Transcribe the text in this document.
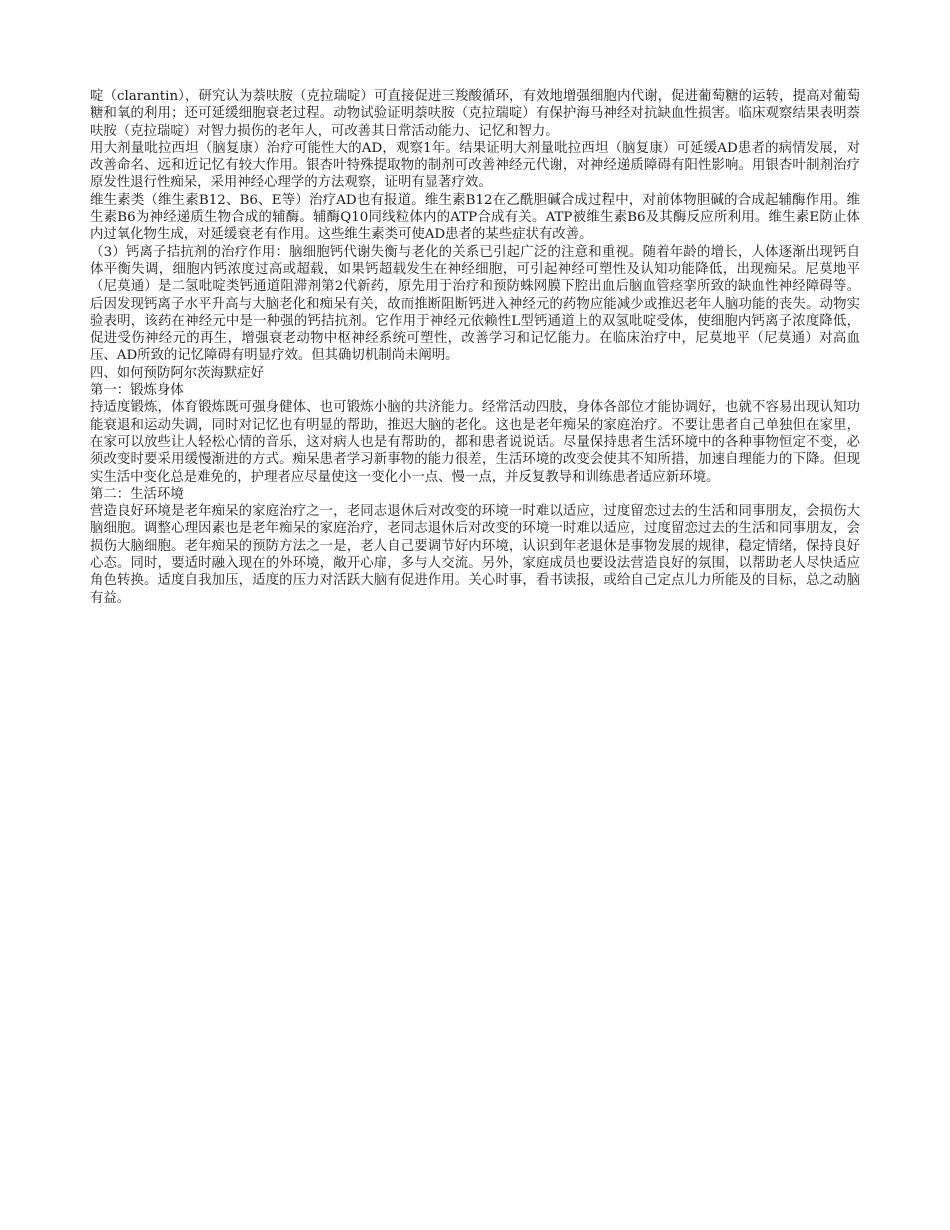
啶（clarantin），研究认为萘呋胺（克拉瑞啶）可直接促进三羧酸循环，有效地增强细胞内代谢，促进葡萄糖的运转，提高对葡萄糖和氧的利用；还可延缓细胞衰老过程。动物试验证明萘呋胺（克拉瑞啶）有保护海马神经对抗缺血性损害。临床观察结果表明萘呋胺（克拉瑞啶）对智力损伤的老年人，可改善其日常活动能力、记忆和智力。

用大剂量吡拉西坦（脑复康）治疗可能性大的AD，观察1年。结果证明大剂量吡拉西坦（脑复康）可延缓AD患者的病情发展，对改善命名、远和近记忆有较大作用。银杏叶特殊提取物的制剂可改善神经元代谢，对神经递质障碍有阳性影响。用银杏叶制剂治疗原发性退行性痴呆，采用神经心理学的方法观察，证明有显著疗效。

维生素类（维生素B12、B6、E等）治疗AD也有报道。维生素B12在乙酰胆碱合成过程中，对前体物胆碱的合成起辅酶作用。维生素B6为神经递质生物合成的辅酶。辅酶Q10同线粒体内的ATP合成有关。ATP被维生素B6及其酶反应所利用。维生素E防止体内过氧化物生成，对延缓衰老有作用。这些维生素类可使AD患者的某些症状有改善。

（3）钙离子拮抗剂的治疗作用：脑细胞钙代谢失衡与老化的关系已引起广泛的注意和重视。随着年龄的增长，人体逐渐出现钙自体平衡失调，细胞内钙浓度过高或超载，如果钙超载发生在神经细胞，可引起神经可塑性及认知功能降低，出现痴呆。尼莫地平（尼莫通）是二氢吡啶类钙通道阻滞剂第2代新药，原先用于治疗和预防蛛网膜下腔出血后脑血管痉挛所致的缺血性神经障碍等。后因发现钙离子水平升高与大脑老化和痴呆有关，故而推断阻断钙进入神经元的药物应能减少或推迟老年人脑功能的丧失。动物实验表明，该药在神经元中是一种强的钙拮抗剂。它作用于神经元依赖性L型钙通道上的双氢吡啶受体，使细胞内钙离子浓度降低，促进受伤神经元的再生，增强衰老动物中枢神经系统可塑性，改善学习和记忆能力。在临床治疗中，尼莫地平（尼莫通）对高血压、AD所致的记忆障碍有明显疗效。但其确切机制尚未阐明。

四、如何预防阿尔茨海默症好
第一：锻炼身体

持适度锻炼，体育锻炼既可强身健体、也可锻炼小脑的共济能力。经常活动四肢，身体各部位才能协调好，也就不容易出现认知功能衰退和运动失调，同时对记忆也有明显的帮助，推迟大脑的老化。这也是老年痴呆的家庭治疗。不要让患者自己单独但在家里，在家可以放些让人轻松心情的音乐，这对病人也是有帮助的，都和患者说说话。尽量保持患者生活环境中的各种事物恒定不变，必须改变时要采用缓慢渐进的方式。痴呆患者学习新事物的能力很差，生活环境的改变会使其不知所措，加速自理能力的下降。但现实生活中变化总是难免的，护理者应尽量使这一变化小一点、慢一点，并反复教导和训练患者适应新环境。

第二：生活环境

营造良好环境是老年痴呆的家庭治疗之一，老同志退休后对改变的环境一时难以适应，过度留恋过去的生活和同事朋友，会损伤大脑细胞。调整心理因素也是老年痴呆的家庭治疗，老同志退休后对改变的环境一时难以适应，过度留恋过去的生活和同事朋友，会损伤大脑细胞。老年痴呆的预防方法之一是，老人自己要调节好内环境，认识到年老退休是事物发展的规律，稳定情绪，保持良好心态。同时，要适时融入现在的外环境，敞开心扉，多与人交流。另外，家庭成员也要设法营造良好的氛围，以帮助老人尽快适应角色转换。适度自我加压，适度的压力对活跃大脑有促进作用。关心时事，看书读报，或给自己定点儿力所能及的目标，总之动脑有益。
